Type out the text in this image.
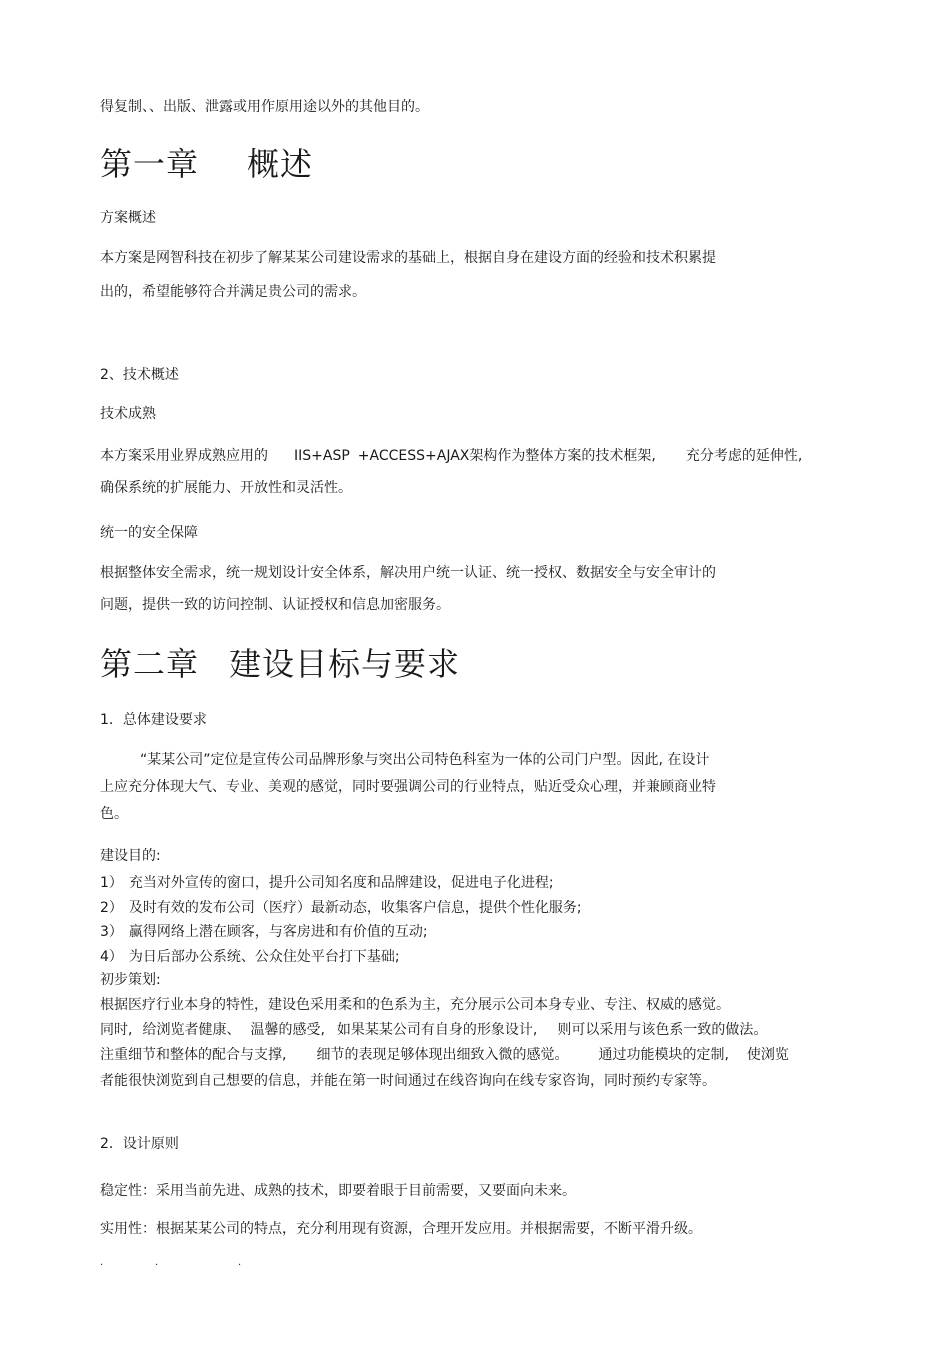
得复制、、出版、泄露或用作原用途以外的其他目的。

第一章 概述

方案概述

本方案是网智科技在初步了解某某公司建设需求的基础上，根据自身在建设方面的经验和技术积累提

出的，希望能够符合并满足贵公司的需求。

2、技术概述

技术成熟

本方案采用业界成熟应用的 IIS+ASP +ACCESS+AJAX架构作为整体方案的技术框架, 充分考虑的延伸性,

确保系统的扩展能力、开放性和灵活性。

统一的安全保障

根据整体安全需求，统一规划设计安全体系，解决用户统一认证、统一授权、数据安全与安全审计的

问题，提供一致的访问控制、认证授权和信息加密服务。

第二章 建设目标与要求

1．总体建设要求

“某某公司”定位是宣传公司品牌形象与突出公司特色科室为一体的公司门户型。因此, 在设计

上应充分体现大气、专业、美观的感觉，同时要强调公司的行业特点，贴近受众心理，并兼顾商业特

色。

建设目的:

1） 充当对外宣传的窗口，提升公司知名度和品牌建设，促进电子化进程;

2） 及时有效的发布公司（医疗）最新动态，收集客户信息，提供个性化服务;

3） 赢得网络上潜在顾客，与客房进和有价值的互动;

4） 为日后部办公系统、公众住处平台打下基础;

初步策划:

根据医疗行业本身的特性，建设色采用柔和的色系为主，充分展示公司本身专业、专注、权威的感觉。

同时, 给浏览者健康、 温馨的感受, 如果某某公司有自身的形象设计, 则可以采用与该色系一致的做法。

注重细节和整体的配合与支撑, 细节的表现足够体现出细致入微的感觉。 通过功能模块的定制, 使浏览

者能很快浏览到自己想要的信息，并能在第一时间通过在线咨询向在线专家咨询，同时预约专家等。

2．设计原则

稳定性：采用当前先进、成熟的技术，即要着眼于目前需要，又要面向未来。

实用性：根据某某公司的特点，充分利用现有资源，合理开发应用。并根据需要，不断平滑升级。

.	.	.
